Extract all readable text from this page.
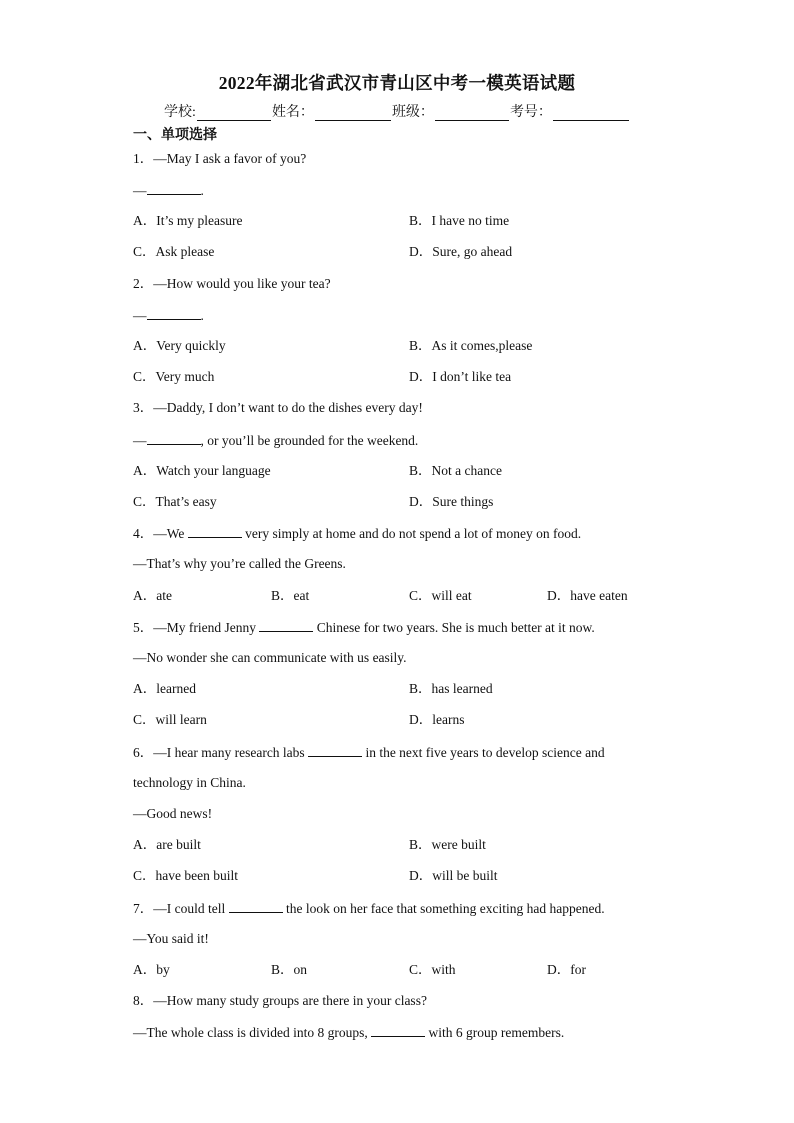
2022年湖北省武汉市青山区中考一模英语试题
学校:	姓名：	班级：	考号：
一、单项选择
1．—May I ask a favor of you?
—	.
A．It’s my pleasure	B．I have no time
C．Ask please	D．Sure, go ahead
2．—How would you like your tea?
—	.
A．Very quickly	B．As it comes,please
C．Very much	D．I don’t like tea
3．—Daddy, I don’t want to do the dishes every day!
—	, or you’ll be grounded for the weekend.
A．Watch your language	B．Not a chance
C．That’s easy	D．Sure things
4．—We	very simply at home and do not spend a lot of money on food.
—That’s why you’re called the Greens.
A．ate	B．eat	C．will eat	D．have eaten
5．—My friend Jenny	Chinese for two years. She is much better at it now.
—No wonder she can communicate with us easily.
A．learned	B．has learned
C．will learn	D．learns
6．—I hear many research labs	in the next five years to develop science and
technology in China.
—Good news!
A．are built	B．were built
C．have been built	D．will be built
7．—I could tell	the look on her face that something exciting had happened.
—You said it!
A．by	B．on	C．with	D．for
8．—How many study groups are there in your class?
—The whole class is divided into 8 groups,	with 6 group remembers.
